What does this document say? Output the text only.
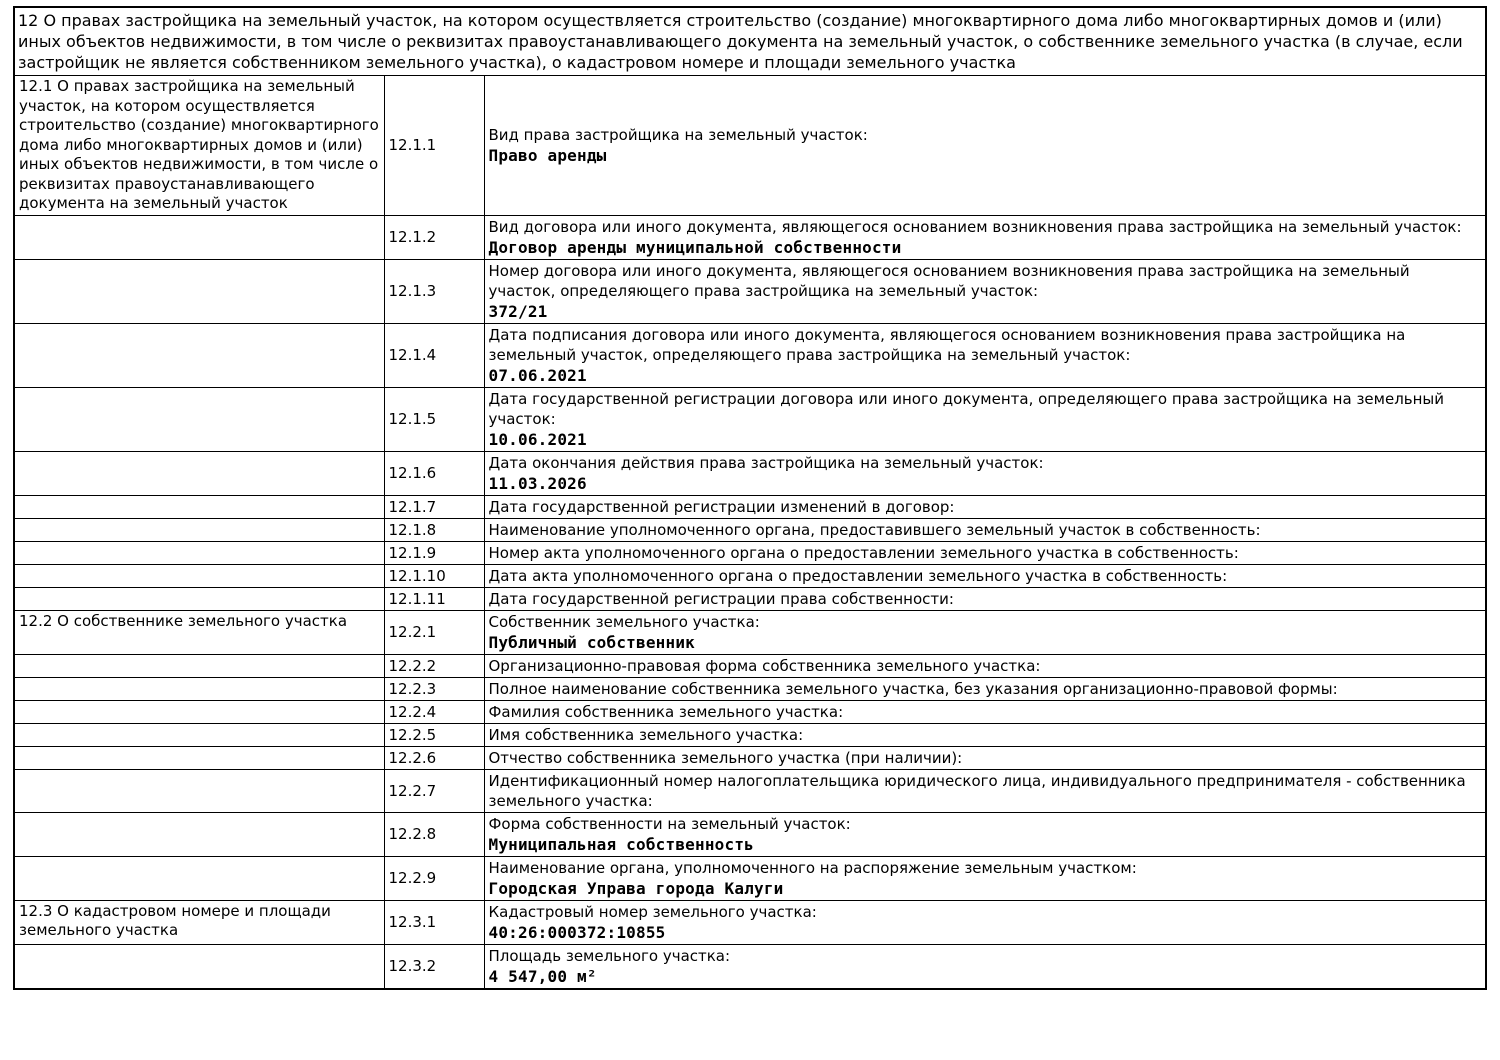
12 О правах застройщика на земельный участок, на котором осуществляется строительство (создание) многоквартирного дома либо многоквартирных домов и (или) иных объектов недвижимости, в том числе о реквизитах правоустанавливающего документа на земельный участок, о собственнике земельного участка (в случае, если застройщик не является собственником земельного участка), о кадастровом номере и площади земельного участка		
12.1 О правах застройщика на земельный участок, на котором осуществляется строительство (создание) многоквартирного дома либо многоквартирных домов и (или) иных объектов недвижимости, в том числе о реквизитах правоустанавливающего документа на земельный участок	12.1.1	Вид права застройщика на земельный участок:
Право аренды

	12.1.2	Вид договора или иного документа, являющегося основанием возникновения права застройщика на земельный участок:
Договор аренды муниципальной собственности

	12.1.3	Номер договора или иного документа, являющегося основанием возникновения права застройщика на земельный участок, определяющего права застройщика на земельный участок:
372/21

	12.1.4	Дата подписания договора или иного документа, являющегося основанием возникновения права застройщика на земельный участок, определяющего права застройщика на земельный участок:
07.06.2021

	12.1.5	Дата государственной регистрации договора или иного документа, определяющего права застройщика на земельный участок:
10.06.2021

	12.1.6	Дата окончания действия права застройщика на земельный участок:
11.03.2026

	12.1.7	Дата государственной регистрации изменений в договор:

	12.1.8	Наименование уполномоченного органа, предоставившего земельный участок в собственность:

	12.1.9	Номер акта уполномоченного органа о предоставлении земельного участка в собственность:

	12.1.10	Дата акта уполномоченного органа о предоставлении земельного участка в собственность:

	12.1.11	Дата государственной регистрации права собственности:

12.2 О собственнике земельного участка	12.2.1	Собственник земельного участка:
Публичный собственник

	12.2.2	Организационно-правовая форма собственника земельного участка:

	12.2.3	Полное наименование собственника земельного участка, без указания организационно-правовой формы:

	12.2.4	Фамилия собственника земельного участка:

	12.2.5	Имя собственника земельного участка:

	12.2.6	Отчество собственника земельного участка (при наличии):

	12.2.7	Идентификационный номер налогоплательщика юридического лица, индивидуального предпринимателя - собственника земельного участка:

	12.2.8	Форма собственности на земельный участок:
Муниципальная собственность

	12.2.9	Наименование органа, уполномоченного на распоряжение земельным участком:
Городская Управа города Калуги

12.3 О кадастровом номере и площади земельного участка	12.3.1	Кадастровый номер земельного участка:
40:26:000372:10855

	12.3.2	Площадь земельного участка:
4 547,00 м²
